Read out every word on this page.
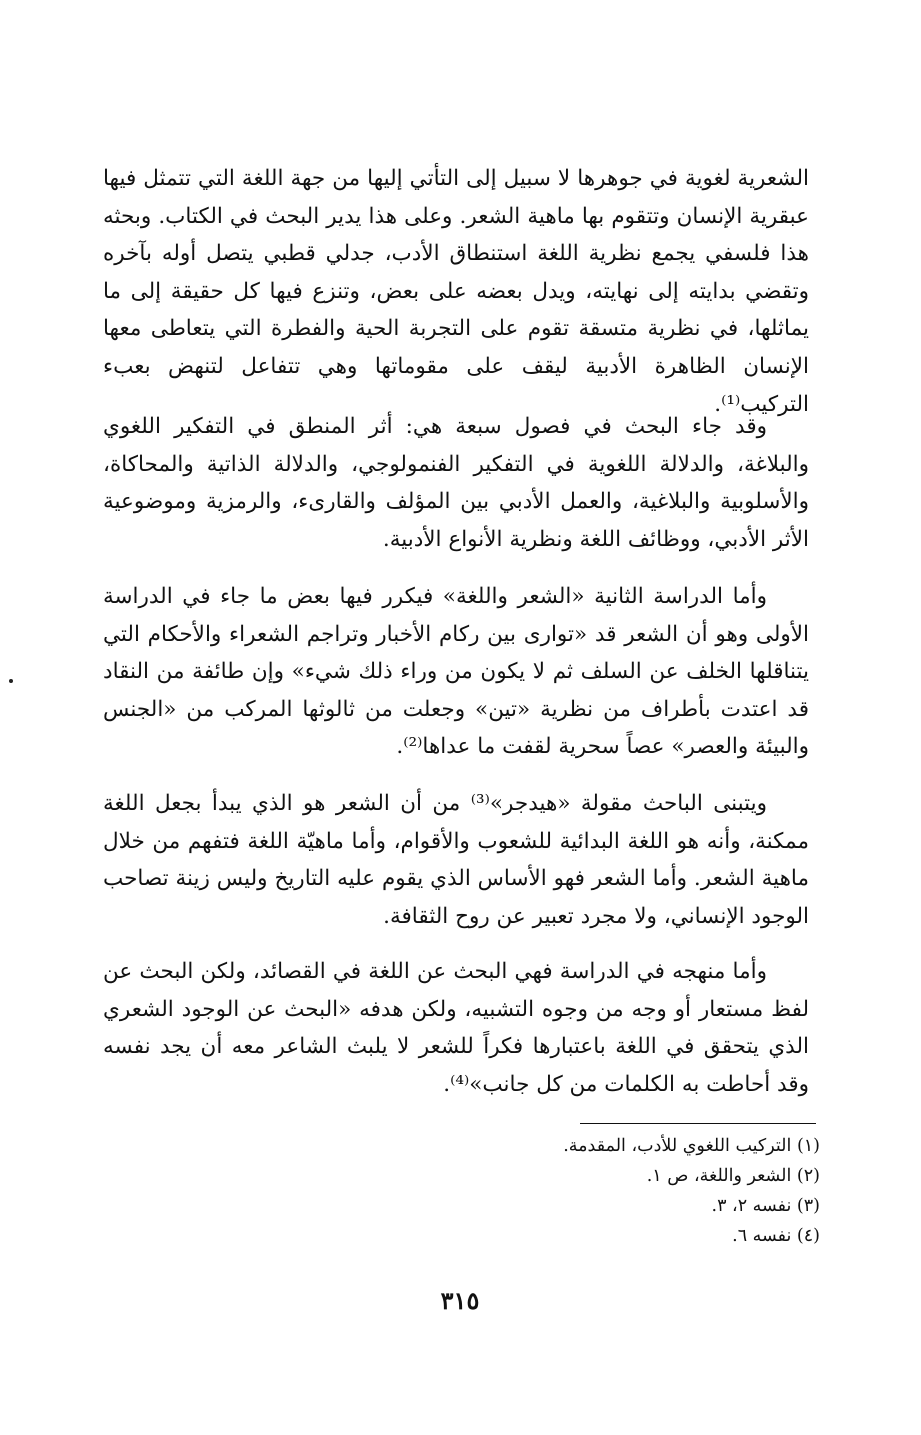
الشعرية لغوية في جوهرها لا سبيل إلى التأتي إليها من جهة اللغة التي تتمثل فيها عبقرية الإنسان وتتقوم بها ماهية الشعر. وعلى هذا يدير البحث في الكتاب. وبحثه هذا فلسفي يجمع نظرية اللغة استنطاق الأدب، جدلي قطبي يتصل أوله بآخره وتقضي بدايته إلى نهايته، ويدل بعضه على بعض، وتنزع فيها كل حقيقة إلى ما يماثلها، في نظرية متسقة تقوم على التجربة الحية والفطرة التي يتعاطى معها الإنسان الظاهرة الأدبية ليقف على مقوماتها وهي تتفاعل لتنهض بعبء التركيب⁽¹⁾.

وقد جاء البحث في فصول سبعة هي: أثر المنطق في التفكير اللغوي والبلاغة، والدلالة اللغوية في التفكير الفنمولوجي، والدلالة الذاتية والمحاكاة، والأسلوبية والبلاغية، والعمل الأدبي بين المؤلف والقارىء، والرمزية وموضوعية الأثر الأدبي، ووظائف اللغة ونظرية الأنواع الأدبية.

وأما الدراسة الثانية «الشعر واللغة» فيكرر فيها بعض ما جاء في الدراسة الأولى وهو أن الشعر قد «توارى بين ركام الأخبار وتراجم الشعراء والأحكام التي يتناقلها الخلف عن السلف ثم لا يكون من وراء ذلك شيء» وإن طائفة من النقاد قد اعتدت بأطراف من نظرية «تين» وجعلت من ثالوثها المركب من «الجنس والبيئة والعصر» عصاً سحرية لقفت ما عداها⁽²⁾.

ويتبنى الباحث مقولة «هيدجر»⁽³⁾ من أن الشعر هو الذي يبدأ بجعل اللغة ممكنة، وأنه هو اللغة البدائية للشعوب والأقوام، وأما ماهيّة اللغة فتفهم من خلال ماهية الشعر. وأما الشعر فهو الأساس الذي يقوم عليه التاريخ وليس زينة تصاحب الوجود الإنساني، ولا مجرد تعبير عن روح الثقافة.

وأما منهجه في الدراسة فهي البحث عن اللغة في القصائد، ولكن البحث عن لفظ مستعار أو وجه من وجوه التشبيه، ولكن هدفه «البحث عن الوجود الشعري الذي يتحقق في اللغة باعتبارها فكراً للشعر لا يلبث الشاعر معه أن يجد نفسه وقد أحاطت به الكلمات من كل جانب»⁽⁴⁾.

(١) التركيب اللغوي للأدب، المقدمة.
(٢) الشعر واللغة، ص ١.
(٣) نفسه ٢، ٣.
(٤) نفسه ٦.
٣١٥
